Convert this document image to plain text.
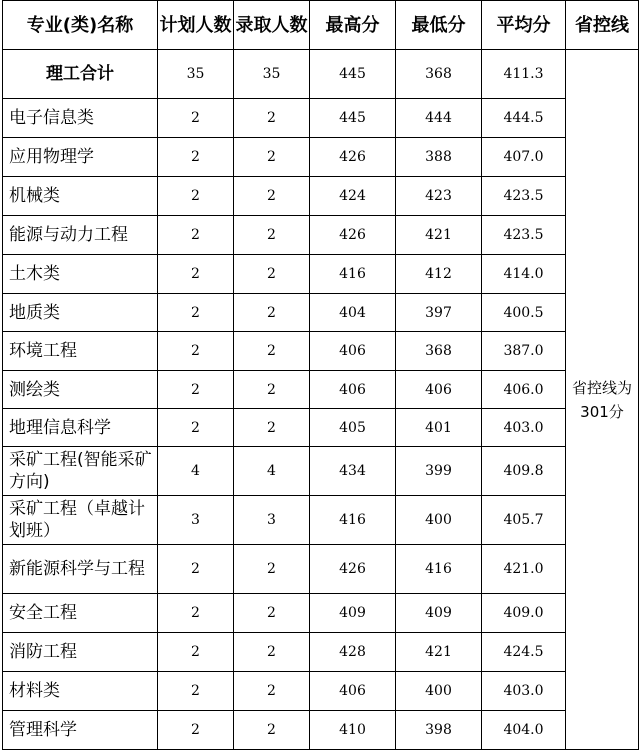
专业(类)名称	计划人数	录取人数	最高分	最低分	平均分	省控线
理工合计	35	35	445	368	411.3	省控线为301分
电子信息类	2	2	445	444	444.5	
应用物理学	2	2	426	388	407.0	
机械类	2	2	424	423	423.5	
能源与动力工程	2	2	426	421	423.5	
土木类	2	2	416	412	414.0	
地质类	2	2	404	397	400.5	
环境工程	2	2	406	368	387.0	
测绘类	2	2	406	406	406.0	
地理信息科学	2	2	405	401	403.0	
采矿工程(智能采矿方向)	4	4	434	399	409.8	
采矿工程（卓越计划班）	3	3	416	400	405.7	
新能源科学与工程	2	2	426	416	421.0	
安全工程	2	2	409	409	409.0	
消防工程	2	2	428	421	424.5	
材料类	2	2	406	400	403.0	
管理科学	2	2	410	398	404.0	
